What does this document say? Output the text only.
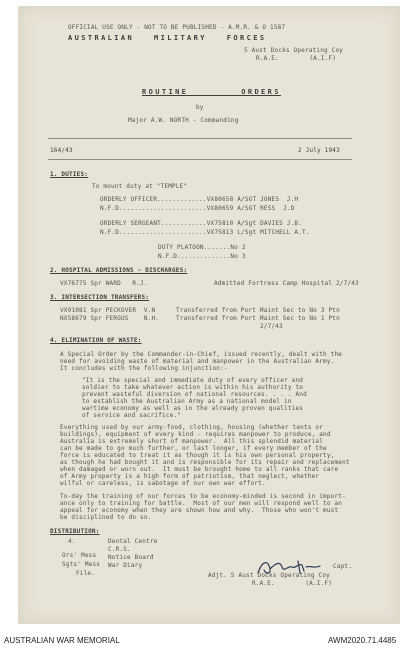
OFFICIAL USE ONLY - NOT TO BE PUBLISHED - A.M.R. & O 1587
AUSTRALIAN   MILITARY   FORCES
5 Aust Docks Operating Coy
R.A.E.        (A.I.F)
ROUTINE        ORDERS
by
Major A.W. NORTH - Commanding
164/43	2 July 1943
1. DUTIES:
To mount duty at "TEMPLE"
ORDERLY OFFICER.............VX80658 A/SGT JONES  J.H
N.F.D.......................VX80659 A/SGT RESS  J.D
ORDERLY SERGEANT............VX75810 A/Sgt DAVIES J.B.
N.F.D.......................VX75813 L/Sgt MITCHELL A.T.
DUTY PLATOON.......No 2
N.F.D..............No 3
2. HOSPITAL ADMISSIONS - DISCHARGES:
VX76775 Spr WARD   R.J.	Admitted Fortress Camp Hospital 2/7/43
3. INTERSECTION TRANSFERS:
VX91081 Spr PECKOVER  V.N	Transferred from Port Maint Sec to No 3 Ptn
NX58679 Spr FERGUS    N.H.	Transferred from Port Maint Sec to No 1 Ptn
2/7/43
4. ELIMINATION OF WASTE:
A Special Order by the Commander-in-Chief, issued recently, dealt with the
need for avoiding waste of material and manpower in the Australian Army.
It concludes with the following injunction:-
"It is the special and immediate duty of every officer and
soldier to take whatever action is within his authority to
prevent wasteful diversion of national resources. . . . And
to establish the Australian Army as a national model in
wartime economy as well as in the already proven qualities
of service and sacrifice."
Everything used by our army-food, clothing, housing (whether tents or
buildings), equipment of every kind - requires manpower to produce, and
Australia is extremely short of manpower.  All this splendid material
can be made to go much further, or last longer, if every member of the
force is educated to treat it as though it is his own personal property,
as though he had bought it and is responsible for its repair and replacement
when damaged or worn out.  It must be brought home to all ranks that care
of Army property is a high form of patriotism, that neglect, whether
wilful or careless, is sabotage of our own war effort.
To-day the training of our forces to be economy-minded is second in import-
ance only to training for battle.  Most of our men will respond well to an
appeal for economy when they are shown how and why.  Those who won't must
be disciplined to do so.
DISTRIBUTION:
4.
Ors' Mess
Sgts' Mess
File.
Dental Centre
C.R.S.
Notice Board
War Diary	Capt.
Adjt. 5 Aust Docks Operating Coy
R.A.E.        (A.I.F)
AUSTRALIAN WAR MEMORIAL	AWM2020.71.4485
